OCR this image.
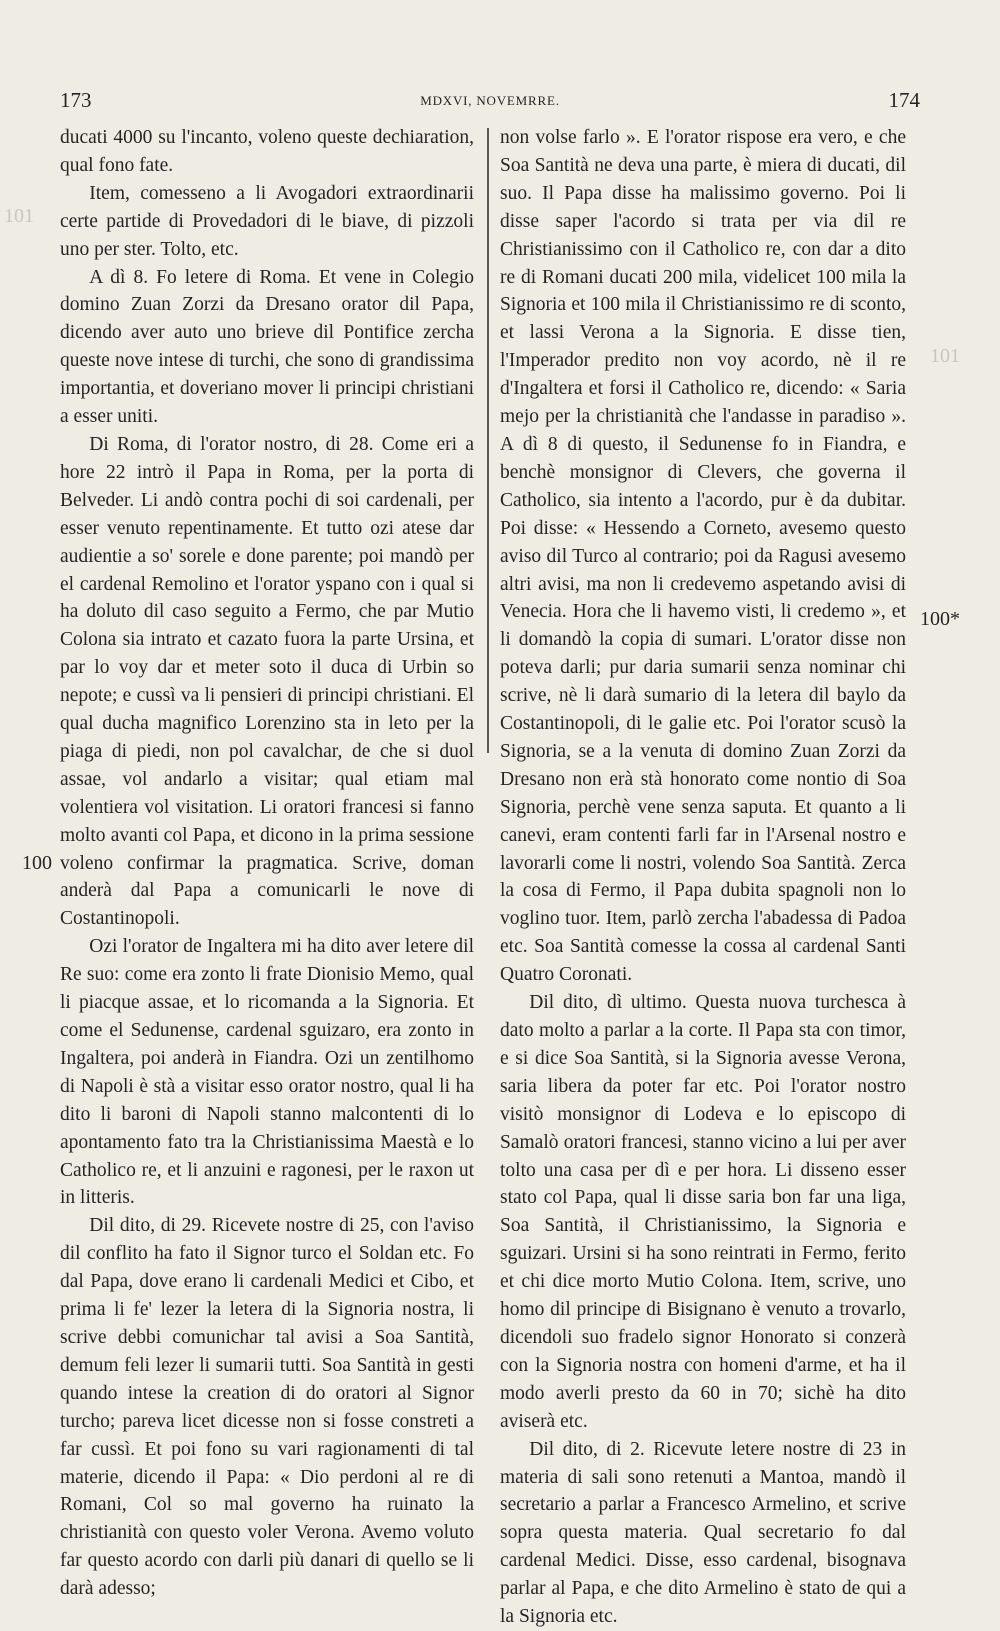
173	MDXVI, NOVEMRRE.	174
101
101

ducati 4000 su l'incanto, voleno queste dechiaration, qual fono fate.

Item, comesseno a li Avogadori extraordinarii certe partide di Provedadori di le biave, di pizzoli uno per ster. Tolto, etc.

A dì 8. Fo letere di Roma. Et vene in Colegio domino Zuan Zorzi da Dresano orator dil Papa, dicendo aver auto uno brieve dil Pontifice zercha queste nove intese di turchi, che sono di grandissima importantia, et doveriano mover li principi christiani a esser uniti.

Di Roma, di l'orator nostro, di 28. Come eri a hore 22 intrò il Papa in Roma, per la porta di Belveder. Li andò contra pochi di soi cardenali, per esser venuto repentinamente. Et tutto ozi atese dar audientie a so' sorele e done parente; poi mandò per el cardenal Remolino et l'orator yspano con i qual si ha doluto dil caso seguito a Fermo, che par Mutio Colona sia intrato et cazato fuora la parte Ursina, et par lo voy dar et meter soto il duca di Urbin so nepote; e cussì va li pensieri di principi christiani. El qual ducha magnifico Lorenzino sta in leto per la piaga di piedi, non pol cavalchar, de che si duol assae, vol andarlo a visitar; qual etiam mal volentiera vol visitation. Li oratori francesi si fanno molto avanti col Papa, et dicono in la prima sessione voleno confirmar la pragmatica. Scrive, doman anderà dal Papa a comunicarli le nove di Costantinopoli.

Ozi l'orator de Ingaltera mi ha dito aver letere dil Re suo: come era zonto li frate Dionisio Memo, qual li piacque assae, et lo ricomanda a la Signoria. Et come el Sedunense, cardenal sguizaro, era zonto in Ingaltera, poi anderà in Fiandra. Ozi un zentilhomo di Napoli è stà a visitar esso orator nostro, qual li ha dito li baroni di Napoli stanno malcontenti di lo apontamento fato tra la Christianissima Maestà e lo Catholico re, et li anzuini e ragonesi, per le raxon ut in litteris.

Dil dito, di 29. Ricevete nostre di 25, con l'aviso dil conflito ha fato il Signor turco el Soldan etc. Fo dal Papa, dove erano li cardenali Medici et Cibo, et prima li fe' lezer la letera di la Signoria nostra, li scrive debbi comunichar tal avisi a Soa Santità, demum feli lezer li sumarii tutti. Soa Santità in gesti quando intese la creation di do oratori al Signor turcho; pareva licet dicesse non si fosse constreti a far cussì. Et poi fono su vari ragionamenti di tal materie, dicendo il Papa: « Dio perdoni al re di Romani, Col so mal governo ha ruinato la christianità con questo voler Verona. Avemo voluto far questo acordo con darli più danari di quello se li darà adesso;

non volse farlo ». E l'orator rispose era vero, e che Soa Santità ne deva una parte, è miera di ducati, dil suo. Il Papa disse ha malissimo governo. Poi li disse saper l'acordo si trata per via dil re Christianissimo con il Catholico re, con dar a dito re di Romani ducati 200 mila, videlicet 100 mila la Signoria et 100 mila il Christianissimo re di sconto, et lassi Verona a la Signoria. E disse tien, l'Imperador predito non voy acordo, nè il re d'Ingaltera et forsi il Catholico re, dicendo: « Saria mejo per la christianità che l'andasse in paradiso ». A dì 8 di questo, il Sedunense fo in Fiandra, e benchè monsignor di Clevers, che governa il Catholico, sia intento a l'acordo, pur è da dubitar. Poi disse: « Hessendo a Corneto, avesemo questo aviso dil Turco al contrario; poi da Ragusi avesemo altri avisi, ma non li credevemo aspetando avisi di Venecia. Hora che li havemo visti, li credemo », et li domandò la copia di sumari. L'orator disse non poteva darli; pur daria sumarii senza nominar chi scrive, nè li darà sumario di la letera dil baylo da Costantinopoli, di le galie etc. Poi l'orator scusò la Signoria, se a la venuta di domino Zuan Zorzi da Dresano non erà stà honorato come nontio di Soa Signoria, perchè vene senza saputa. Et quanto a li canevi, eram contenti farli far in l'Arsenal nostro e lavorarli come li nostri, volendo Soa Santità. Zerca la cosa di Fermo, il Papa dubita spagnoli non lo voglino tuor. Item, parlò zercha l'abadessa di Padoa etc. Soa Santità comesse la cossa al cardenal Santi Quatro Coronati.

Dil dito, dì ultimo. Questa nuova turchesca à dato molto a parlar a la corte. Il Papa sta con timor, e si dice Soa Santità, si la Signoria avesse Verona, saria libera da poter far etc. Poi l'orator nostro visitò monsignor di Lodeva e lo episcopo di Samalò oratori francesi, stanno vicino a lui per aver tolto una casa per dì e per hora. Li disseno esser stato col Papa, qual li disse saria bon far una liga, Soa Santità, il Christianissimo, la Signoria e sguizari. Ursini si ha sono reintrati in Fermo, ferito et chi dice morto Mutio Colona. Item, scrive, uno homo dil principe di Bisignano è venuto a trovarlo, dicendoli suo fradelo signor Honorato si conzerà con la Signoria nostra con homeni d'arme, et ha il modo averli presto da 60 in 70; sichè ha dito aviserà etc.

Dil dito, di 2. Ricevute letere nostre di 23 in materia di sali sono retenuti a Mantoa, mandò il secretario a parlar a Francesco Armelino, et scrive sopra questa materia. Qual secretario fo dal cardenal Medici. Disse, esso cardenal, bisognava parlar al Papa, e che dito Armelino è stato de qui a la Signoria etc.

100
100*
